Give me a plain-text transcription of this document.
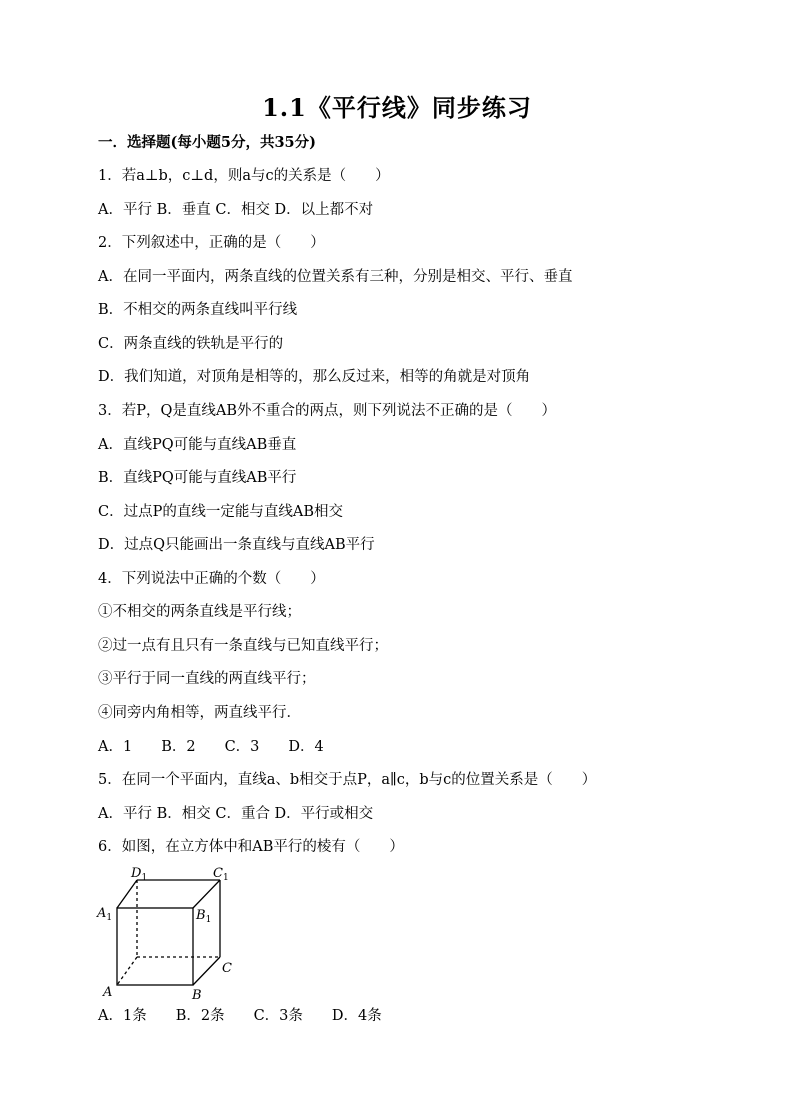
1.1《平行线》同步练习
一．选择题(每小题5分，共35分)
1．若a⊥b，c⊥d，则a与c的关系是（　　）
A．平行 B．垂直 C．相交 D．以上都不对
2．下列叙述中，正确的是（　　）
A．在同一平面内，两条直线的位置关系有三种，分别是相交、平行、垂直
B．不相交的两条直线叫平行线
C．两条直线的铁轨是平行的
D．我们知道，对顶角是相等的，那么反过来，相等的角就是对顶角
3．若P，Q是直线AB外不重合的两点，则下列说法不正确的是（　　）
A．直线PQ可能与直线AB垂直
B．直线PQ可能与直线AB平行
C．过点P的直线一定能与直线AB相交
D．过点Q只能画出一条直线与直线AB平行
4．下列说法中正确的个数（　　）
①不相交的两条直线是平行线；
②过一点有且只有一条直线与已知直线平行；
③平行于同一直线的两直线平行；
④同旁内角相等，两直线平行．
A．1　　B．2　　C．3　　D．4
5．在同一个平面内，直线a、b相交于点P，a∥c，b与c的位置关系是（　　）
A．平行 B．相交 C．重合 D．平行或相交
6．如图，在立方体中和AB平行的棱有（　　）
$D_1$	$C_1$
$A_1$	$B_1$
C
A	B
A．1条　　B．2条　　C．3条　　D．4条
